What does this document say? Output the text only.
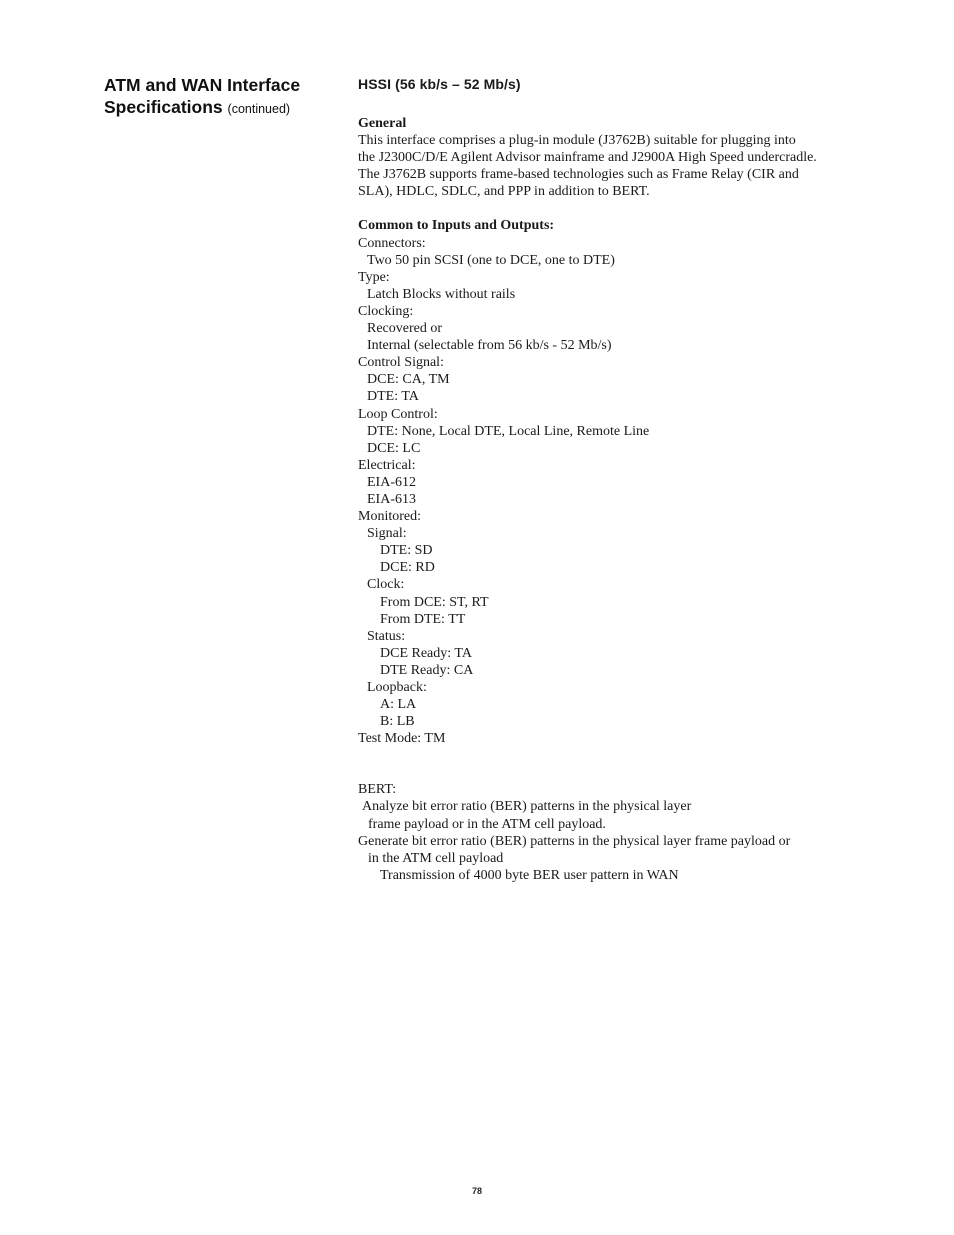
ATM and WAN Interface
Specifications (continued)
HSSI (56 kb/s – 52 Mb/s)

General

This interface comprises a plug-in module (J3762B) suitable for plugging into
the J2300C/D/E Agilent Advisor mainframe and J2900A High Speed undercradle.
The J3762B supports frame-based technologies such as Frame Relay (CIR and
SLA), HDLC, SDLC, and PPP in addition to BERT.

Common to Inputs and Outputs:

Connectors:
Two 50 pin SCSI (one to DCE, one to DTE)
Type:
Latch Blocks without rails
Clocking:
Recovered or
Internal (selectable from 56 kb/s - 52 Mb/s)
Control Signal:
DCE: CA, TM
DTE: TA
Loop Control:
DTE: None, Local DTE, Local Line, Remote Line
DCE: LC
Electrical:
EIA-612
EIA-613
Monitored:
Signal:
DTE: SD
DCE: RD
Clock:
From DCE: ST, RT
From DTE: TT
Status:
DCE Ready: TA
DTE Ready: CA
Loopback:
A: LA
B: LB
Test Mode: TM
BERT:
Analyze bit error ratio (BER) patterns in the physical layer
frame payload or in the ATM cell payload.
Generate bit error ratio (BER) patterns in the physical layer frame payload or
in the ATM cell payload
Transmission of 4000 byte BER user pattern in WAN
78
